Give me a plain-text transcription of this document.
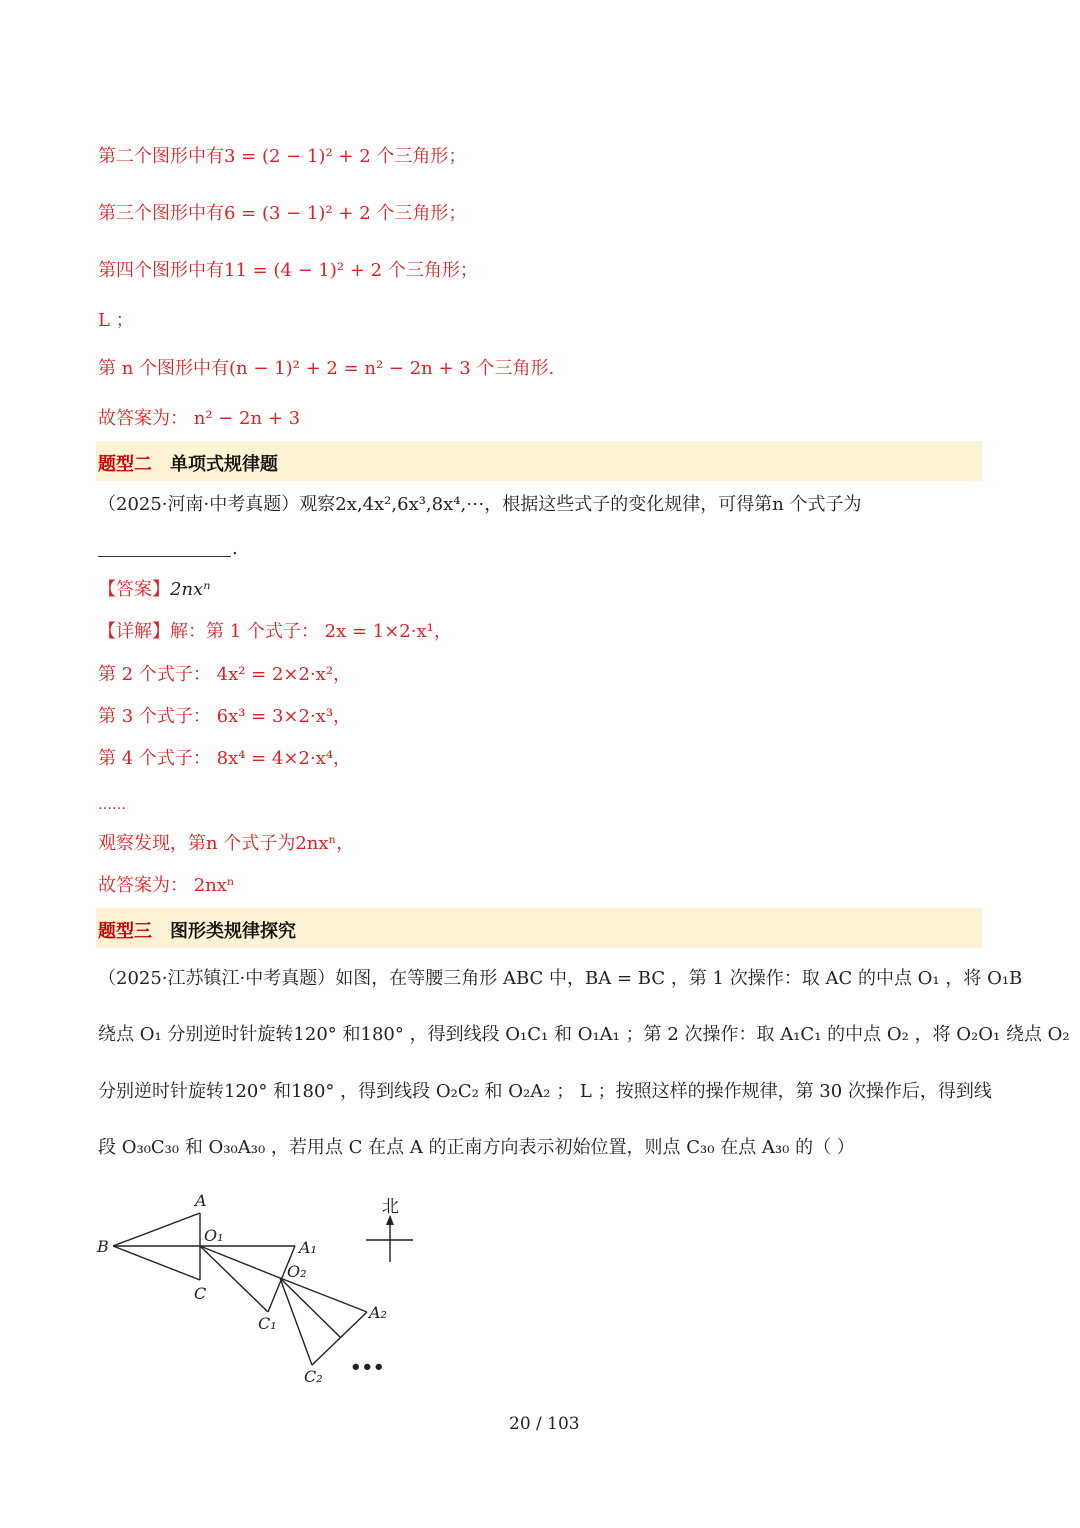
第二个图形中有3 = (2 − 1)² + 2 个三角形；
第三个图形中有6 = (3 − 1)² + 2 个三角形；
第四个图形中有11 = (4 − 1)² + 2 个三角形；
L ；
第 n 个图形中有(n − 1)² + 2 = n² − 2n + 3 个三角形.
故答案为： n² − 2n + 3
题型二 单项式规律题
（2025·河南·中考真题）观察2x,4x²,6x³,8x⁴,⋯，根据这些式子的变化规律，可得第n 个式子为
.
【答案】2nxⁿ
【详解】解：第 1 个式子： 2x = 1×2·x¹，
第 2 个式子： 4x² = 2×2·x²，
第 3 个式子： 6x³ = 3×2·x³，
第 4 个式子： 8x⁴ = 4×2·x⁴，
……
观察发现，第n 个式子为2nxⁿ，
故答案为： 2nxⁿ
题型三 图形类规律探究
（2025·江苏镇江·中考真题）如图，在等腰三角形 ABC 中，BA = BC ，第 1 次操作：取 AC 的中点 O₁ ，将 O₁B
绕点 O₁ 分别逆时针旋转120° 和180° ，得到线段 O₁C₁ 和 O₁A₁ ；第 2 次操作：取 A₁C₁ 的中点 O₂ ，将 O₂O₁ 绕点 O₂
分别逆时针旋转120° 和180° ，得到线段 O₂C₂ 和 O₂A₂ ； L ；按照这样的操作规律，第 30 次操作后，得到线
段 O₃₀C₃₀ 和 O₃₀A₃₀ ，若用点 C 在点 A 的正南方向表示初始位置，则点 C₃₀ 在点 A₃₀ 的（ ）
A
B
C
O₁
A₁
C₁
O₂
A₂
C₂ •••
北
20 / 103
